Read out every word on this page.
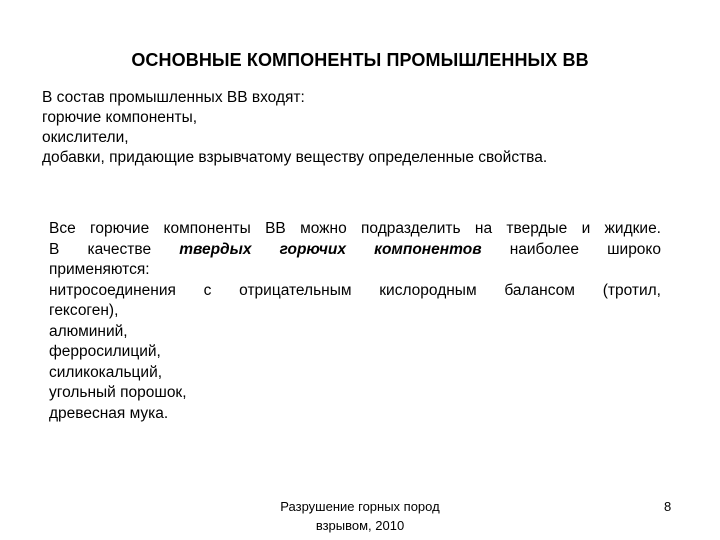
ОСНОВНЫЕ КОМПОНЕНТЫ ПРОМЫШЛЕННЫХ ВВ
В состав промышленных ВВ входят:
горючие компоненты,
окислители,
добавки, придающие взрывчатому веществу определенные свойства.
Все горючие компоненты ВВ можно подразделить на твердые и жидкие.
В качестве твердых горючих компонентов наиболее широко
применяются:
нитросоединения с отрицательным кислородным балансом (тротил,
гексоген),
алюминий,
ферросилиций,
силикокальций,
угольный порошок,
древесная мука.
Разрушение горных пород
взрывом, 2010
8
